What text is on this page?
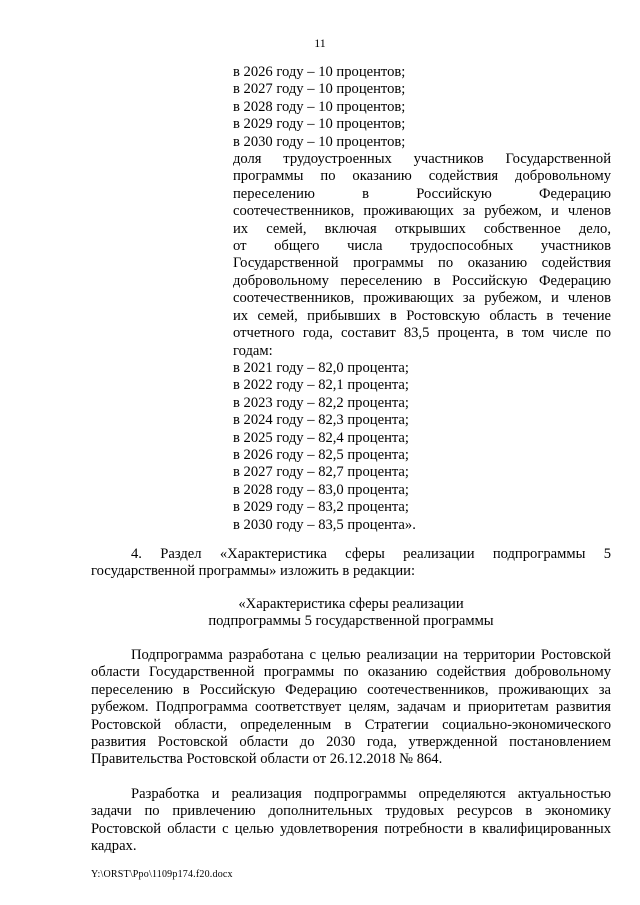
11
в 2026 году – 10 процентов;
в 2027 году – 10 процентов;
в 2028 году – 10 процентов;
в 2029 году – 10 процентов;
в 2030 году – 10 процентов;
доля трудоустроенных участников Государственной
программы по оказанию содействия добровольному
переселению в Российскую Федерацию
соотечественников, проживающих за рубежом, и членов
их семей, включая открывших собственное дело,
от общего числа трудоспособных участников
Государственной программы по оказанию содействия
добровольному переселению в Российскую Федерацию
соотечественников, проживающих за рубежом, и членов
их семей, прибывших в Ростовскую область в течение
отчетного года, составит 83,5 процента, в том числе по
годам:
в 2021 году – 82,0 процента;
в 2022 году – 82,1 процента;
в 2023 году – 82,2 процента;
в 2024 году – 82,3 процента;
в 2025 году – 82,4 процента;
в 2026 году – 82,5 процента;
в 2027 году – 82,7 процента;
в 2028 году – 83,0 процента;
в 2029 году – 83,2 процента;
в 2030 году – 83,5 процента».
4. Раздел «Характеристика сферы реализации подпрограммы 5 государственной программы» изложить в редакции:
«Характеристика сферы реализации
подпрограммы 5 государственной программы
Подпрограмма разработана с целью реализации на территории Ростовской области Государственной программы по оказанию содействия добровольному переселению в Российскую Федерацию соотечественников, проживающих за рубежом. Подпрограмма соответствует целям, задачам и приоритетам развития Ростовской области, определенным в Стратегии социально-экономического развития Ростовской области до 2030 года, утвержденной постановлением Правительства Ростовской области от 26.12.2018 № 864.
Разработка и реализация подпрограммы определяются актуальностью задачи по привлечению дополнительных трудовых ресурсов в экономику Ростовской области с целью удовлетворения потребности в квалифицированных кадрах.
Y:\ORST\Ppo\1109p174.f20.docx
